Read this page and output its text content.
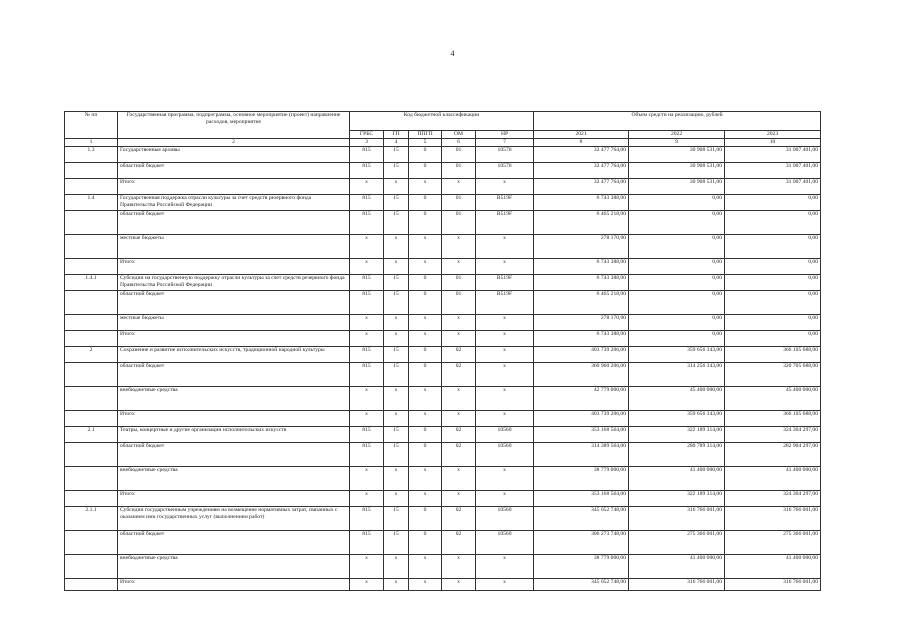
4
№ пп	Государственная программа, подпрограмма, основное мероприятие (проект) направление расходов, мероприятие	Код бюджетной классификации					Объем средств на реализацию, рублей		
		ГРБС	ГП	ППГП	ОМ	НР	2021	2022	2023
1	2	3	4	5	6	7	8	9	10
1.3	Государственные архивы	815	15	0	01	10570	32 477 764,00	30 908 531,00	31 007 401,00
	областной бюджет	815	15	0	01	10570	32 477 764,00	30 908 531,00	31 007 401,00
	Итого:	х	х	х	х	х	32 477 764,00	30 908 531,00	31 007 401,00
1.4	Государственная поддержка отрасли культуры за счет средств резервного фонда Правительства Российской Федерации	815	15	0	01	R519F	6 743 388,00	0,00	0,00
	областной бюджет	815	15	0	01	R519F	6 465 218,00	0,00	0,00
	местные бюджеты	х	х	х	х	х	278 170,00	0,00	0,00
	Итого:	х	х	х	х	х	6 743 388,00	0,00	0,00
1.4.1	Субсидии на государственную поддержку отрасли культуры за счет средств резервного фонда Правительства Российской Федерации	815	15	0	01	R519F	6 743 388,00	0,00	0,00
	областной бюджет	815	15	0	01	R519F	6 465 218,00	0,00	0,00
	местные бюджеты	х	х	х	х	х	278 170,00	0,00	0,00
	Итого:	х	х	х	х	х	6 743 388,00	0,00	0,00
2	Сохранение и развитие исполнительских искусств, традиционной народной культуры	815	15	0	02	х	403 739 206,00	359 656 343,00	366 105 688,00
	областной бюджет	815	15	0	02	х	360 960 206,00	314 256 343,00	320 705 688,00
	внебюджетные средства	х	х	х	х	х	42 779 000,00	45 400 000,00	45 400 000,00
	Итого:	х	х	х	х	х	403 739 206,00	359 656 343,00	366 105 688,00
2.1	Театры, концертные и другие организации исполнительских искусств	815	15	0	02	10560	353 168 564,00	322 189 314,00	324 304 297,00
	областной бюджет	815	15	0	02	10560	314 389 564,00	280 789 314,00	282 904 297,00
	внебюджетные средства	х	х	х	х	х	38 779 000,00	41 400 000,00	41 400 000,00
	Итого:	х	х	х	х	х	353 168 564,00	322 189 314,00	324 304 297,00
2.1.1	Субсидии государственным учреждениям на возмещение нормативных затрат, связанных с оказанием ими государственных услуг (выполнением работ)	815	15	0	02	10560	345 052 748,00	316 766 001,00	316 766 001,00
	областной бюджет	815	15	0	02	10560	306 273 748,00	275 366 001,00	275 366 001,00
	внебюджетные средства	х	х	х	х	х	38 779 000,00	41 400 000,00	41 400 000,00
	Итого:	х	х	х	х	х	345 052 748,00	316 766 001,00	316 766 001,00
